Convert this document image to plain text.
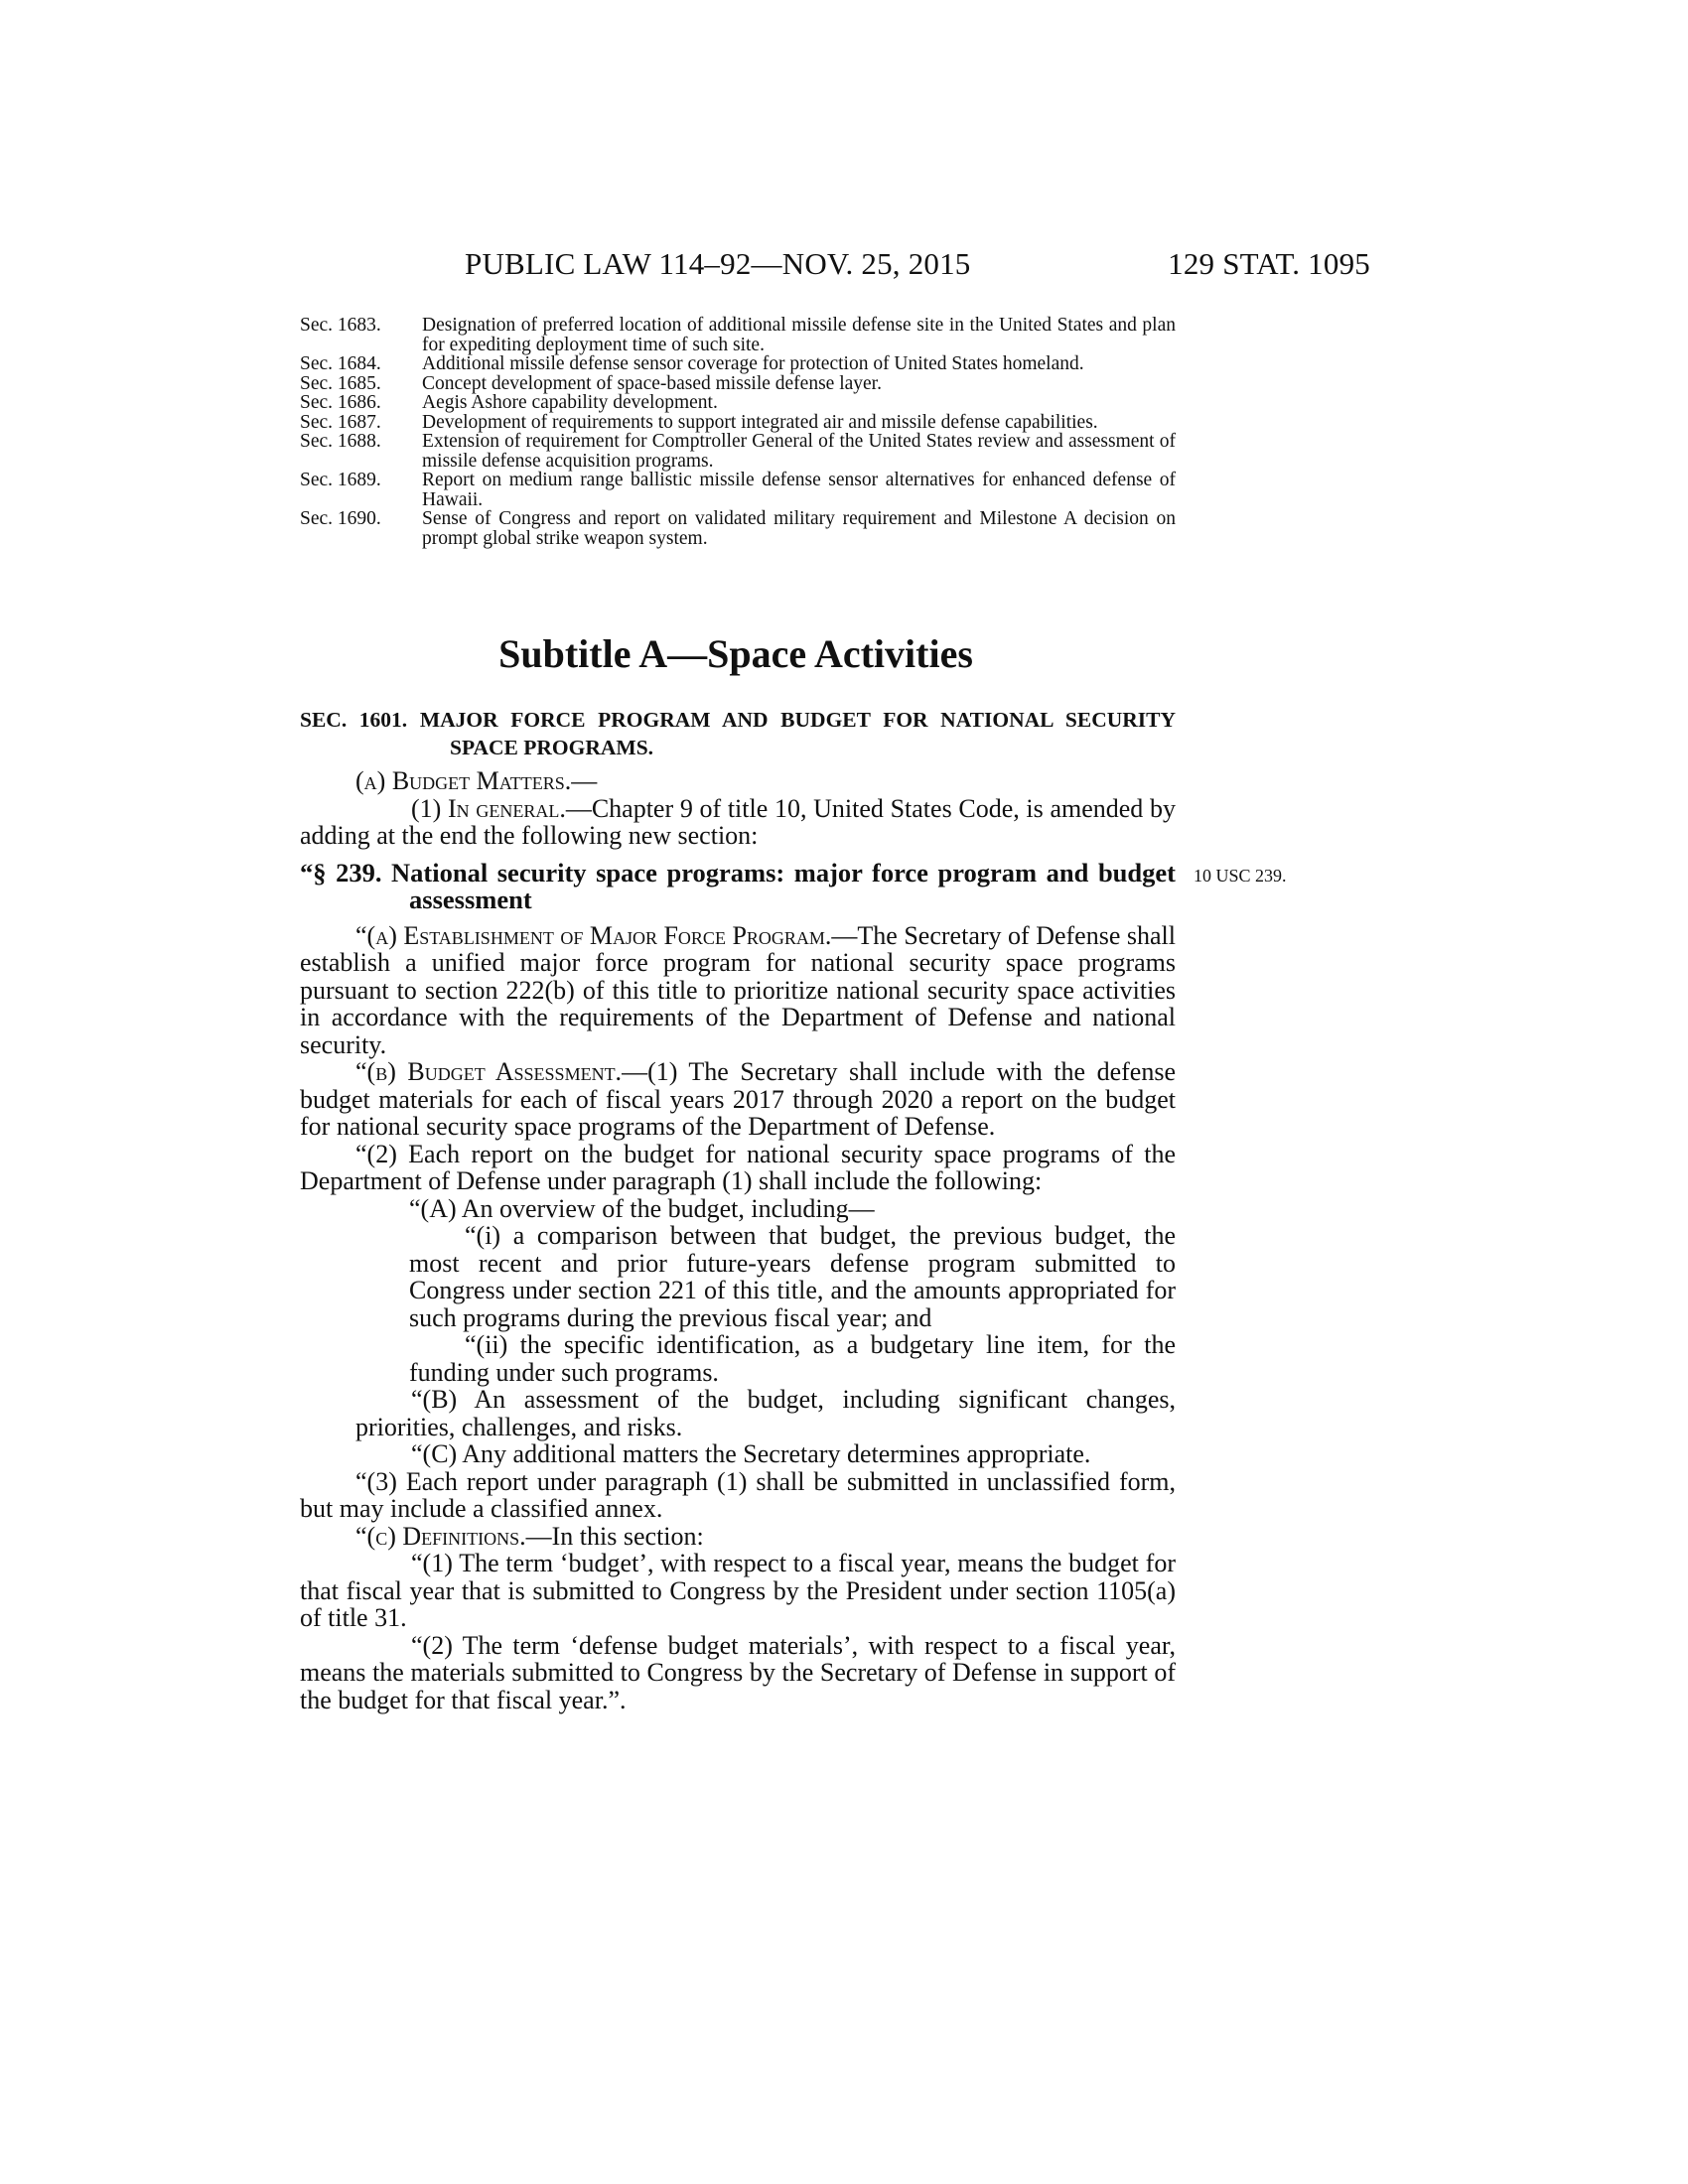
PUBLIC LAW 114–92—NOV. 25, 2015	129 STAT. 1095
Sec. 1683.	Designation of preferred location of additional missile defense site in the United States and plan for expediting deployment time of such site.
Sec. 1684.	Additional missile defense sensor coverage for protection of United States homeland.
Sec. 1685.	Concept development of space-based missile defense layer.
Sec. 1686.	Aegis Ashore capability development.
Sec. 1687.	Development of requirements to support integrated air and missile defense capabilities.
Sec. 1688.	Extension of requirement for Comptroller General of the United States review and assessment of missile defense acquisition programs.
Sec. 1689.	Report on medium range ballistic missile defense sensor alternatives for enhanced defense of Hawaii.
Sec. 1690.	Sense of Congress and report on validated military requirement and Milestone A decision on prompt global strike weapon system.
Subtitle A—Space Activities
SEC. 1601. MAJOR FORCE PROGRAM AND BUDGET FOR NATIONAL SECURITY SPACE PROGRAMS.

(a) Budget Matters.—

(1) In general.—Chapter 9 of title 10, United States Code, is amended by adding at the end the following new section:

“§ 239. National security space programs: major force program and budget assessment

“(a) Establishment of Major Force Program.—The Secretary of Defense shall establish a unified major force program for national security space programs pursuant to section 222(b) of this title to prioritize national security space activities in accordance with the requirements of the Department of Defense and national security.

“(b) Budget Assessment.—(1) The Secretary shall include with the defense budget materials for each of fiscal years 2017 through 2020 a report on the budget for national security space programs of the Department of Defense.

“(2) Each report on the budget for national security space programs of the Department of Defense under paragraph (1) shall include the following:

“(A) An overview of the budget, including—

“(i) a comparison between that budget, the previous budget, the most recent and prior future-years defense program submitted to Congress under section 221 of this title, and the amounts appropriated for such programs during the previous fiscal year; and

“(ii) the specific identification, as a budgetary line item, for the funding under such programs.

“(B) An assessment of the budget, including significant changes, priorities, challenges, and risks.

“(C) Any additional matters the Secretary determines appropriate.

“(3) Each report under paragraph (1) shall be submitted in unclassified form, but may include a classified annex.

“(c) Definitions.—In this section:

“(1) The term ‘budget’, with respect to a fiscal year, means the budget for that fiscal year that is submitted to Congress by the President under section 1105(a) of title 31.

“(2) The term ‘defense budget materials’, with respect to a fiscal year, means the materials submitted to Congress by the Secretary of Defense in support of the budget for that fiscal year.”.

10 USC 239.
